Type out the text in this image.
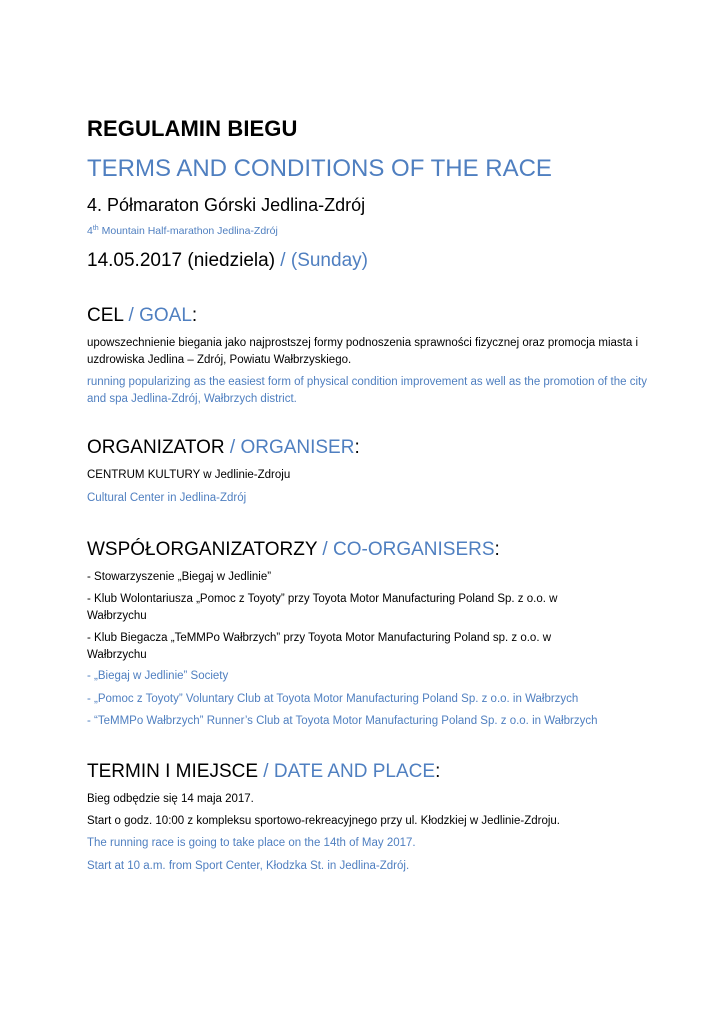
REGULAMIN BIEGU
TERMS AND CONDITIONS OF THE RACE
4. Półmaraton Górski Jedlina-Zdrój
4th Mountain Half-marathon Jedlina-Zdrój
14.05.2017 (niedziela) / (Sunday)
CEL / GOAL:

upowszechnienie biegania jako najprostszej formy podnoszenia sprawności fizycznej oraz promocja miasta i uzdrowiska Jedlina – Zdrój, Powiatu Wałbrzyskiego.

running popularizing as the easiest form of physical condition improvement as well as the promotion of the city and spa Jedlina-Zdrój, Wałbrzych district.

ORGANIZATOR / ORGANISER:

CENTRUM KULTURY w Jedlinie-Zdroju

Cultural Center in Jedlina-Zdrój

WSPÓŁORGANIZATORZY / CO-ORGANISERS:

- Stowarzyszenie „Biegaj w Jedlinie”

- Klub Wolontariusza „Pomoc z Toyoty” przy Toyota Motor Manufacturing Poland Sp. z o.o. w Wałbrzychu

- Klub Biegacza „TeMMPo Wałbrzych” przy Toyota Motor Manufacturing Poland sp. z o.o. w Wałbrzychu

- „Biegaj w Jedlinie” Society

- „Pomoc z Toyoty” Voluntary Club at Toyota Motor Manufacturing Poland Sp. z o.o. in Wałbrzych

- “TeMMPo Wałbrzych” Runner’s Club at Toyota Motor Manufacturing Poland Sp. z o.o. in Wałbrzych

TERMIN I MIEJSCE / DATE AND PLACE:

Bieg odbędzie się 14 maja 2017.

Start o godz. 10:00 z kompleksu sportowo-rekreacyjnego przy ul. Kłodzkiej w Jedlinie-Zdroju.

The running race is going to take place on the 14th of May 2017.

Start at 10 a.m. from Sport Center, Kłodzka St. in Jedlina-Zdrój.
